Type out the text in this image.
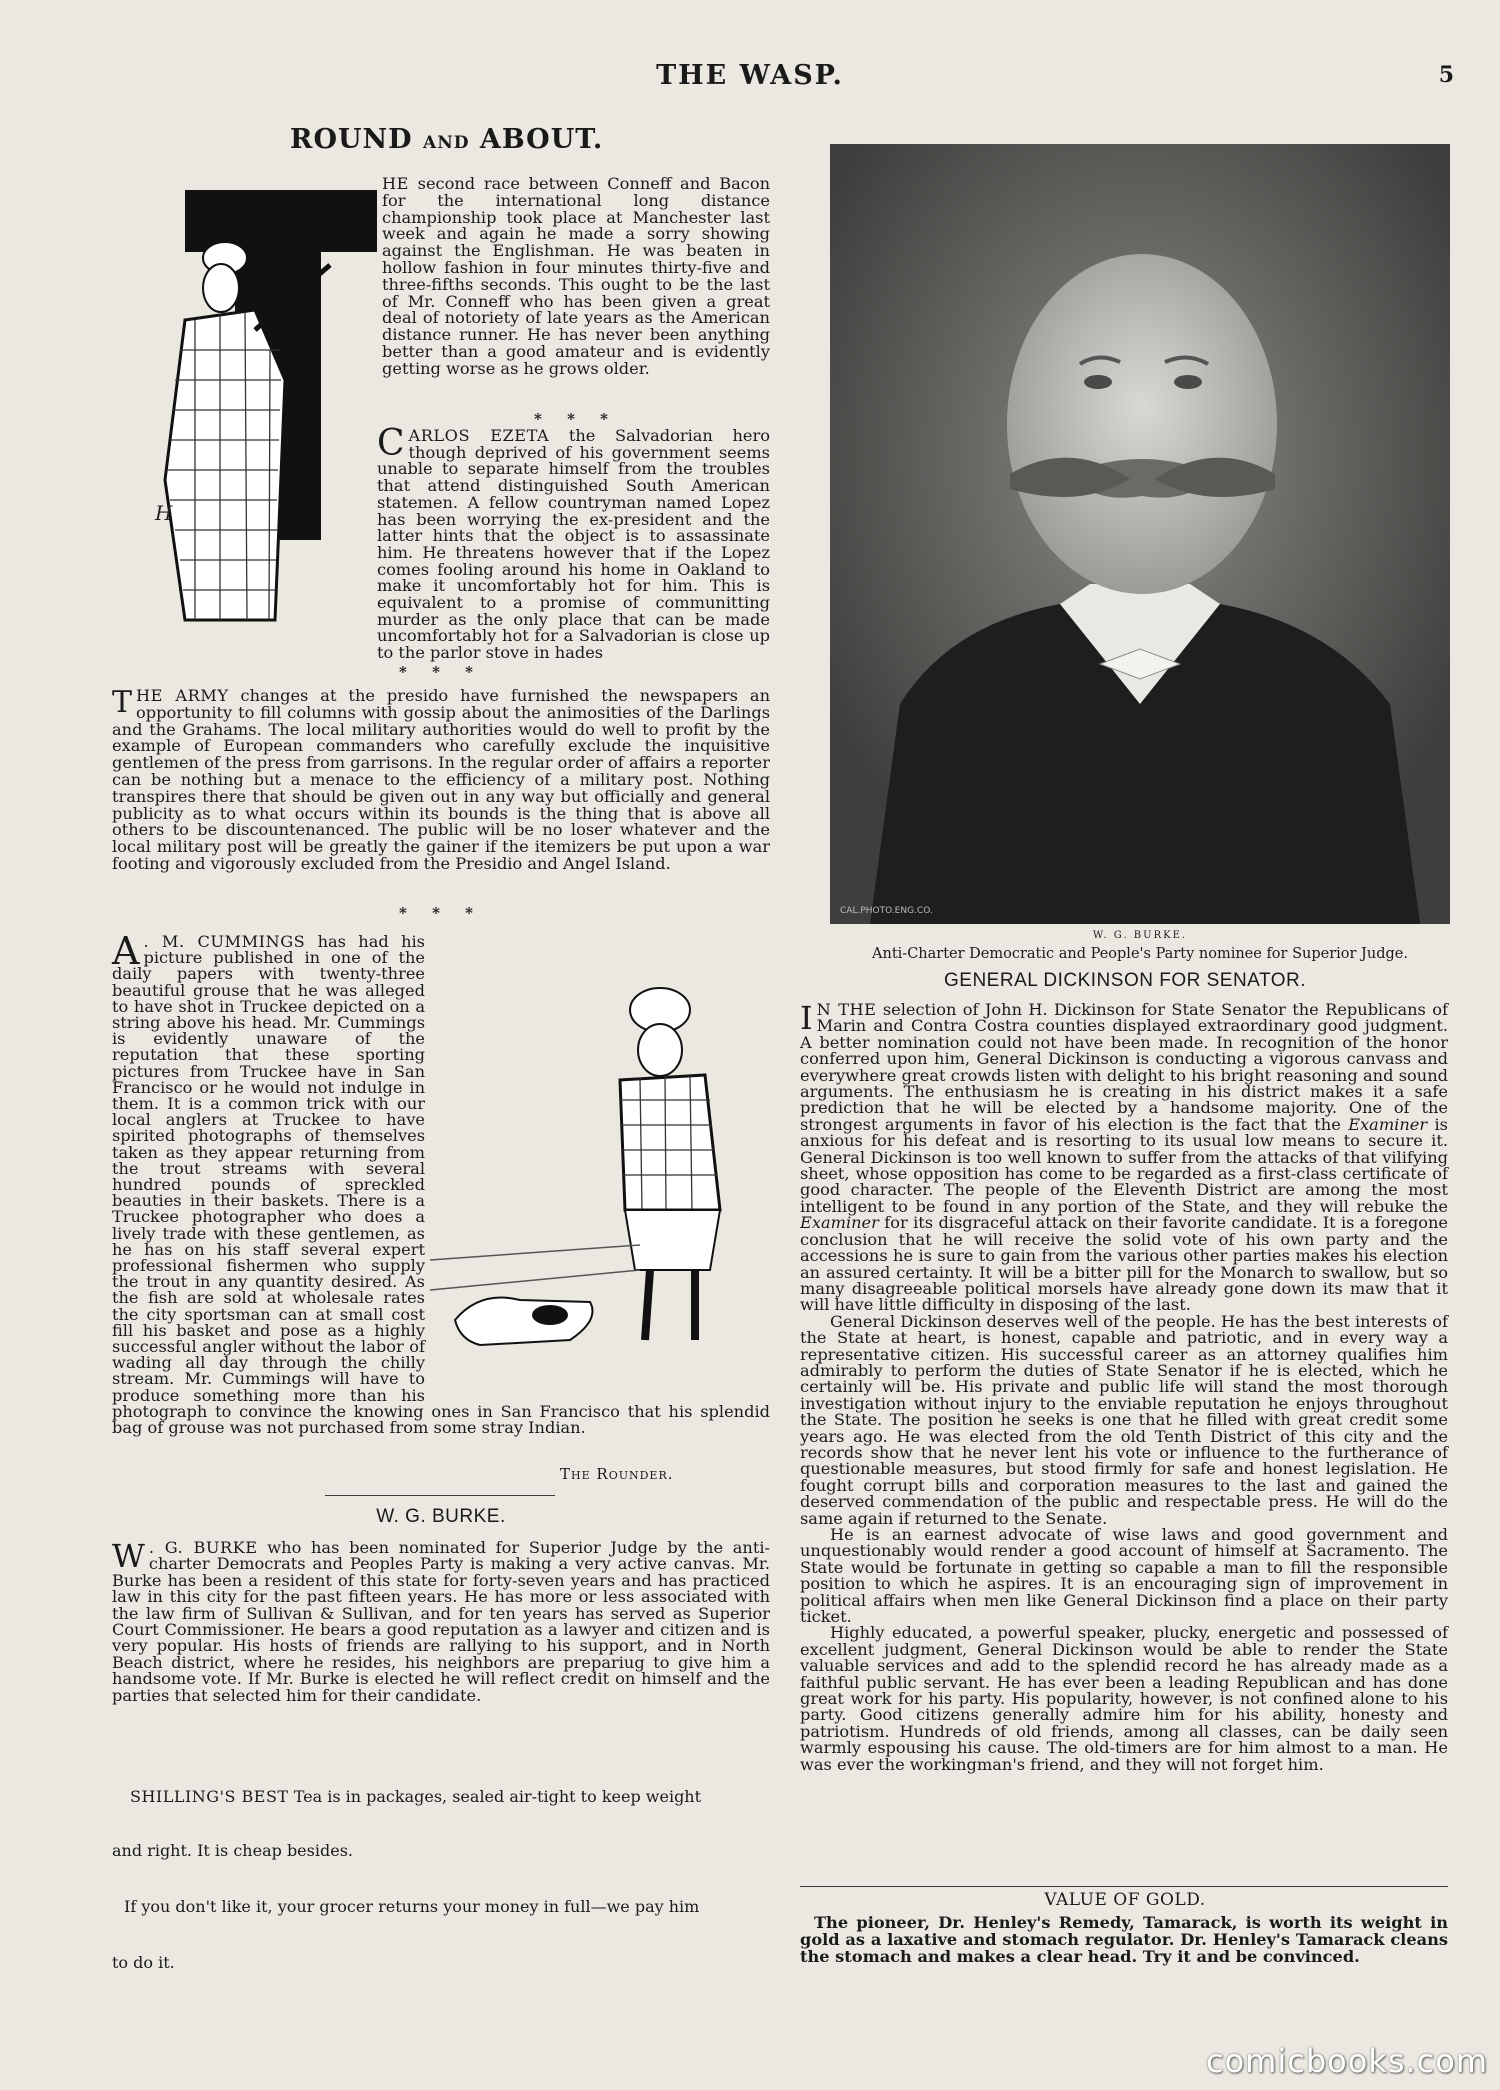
THE WASP.	5
ROUND AND ABOUT.
H
HE second race between Conneff and Bacon for the international long distance championship took place at Manchester last week and again he made a sorry showing against the Englishman. He was beaten in hollow fashion in four minutes thirty-five and three-fifths seconds. This ought to be the last of Mr. Conneff who has been given a great deal of notoriety of late years as the American distance runner. He has never been anything better than a good amateur and is evidently getting worse as he grows older.
* * *
C ARLOS EZETA the Salvadorian hero though deprived of his government seems unable to separate himself from the troubles that attend distinguished South American statemen. A fellow countryman named Lopez has been worrying the ex-president and the latter hints that the object is to assassinate him. He threatens however that if the Lopez comes fooling around his home in Oakland to make it uncomfortably hot for him. This is equivalent to a promise of communitting murder as the only place that can be made uncomfortably hot for a Salvadorian is close up to the parlor stove in hades
* * *
T HE ARMY changes at the presido have furnished the newspapers an opportunity to fill columns with gossip about the animosities of the Darlings and the Grahams. The local military authorities would do well to profit by the example of European commanders who carefully exclude the inquisitive gentlemen of the press from garrisons. In the regular order of affairs a reporter can be nothing but a menace to the efficiency of a military post. Nothing transpires there that should be given out in any way but officially and general publicity as to what occurs within its bounds is the thing that is above all others to be discountenanced. The public will be no loser whatever and the local military post will be greatly the gainer if the itemizers be put upon a war footing and vigorously excluded from the Presidio and Angel Island.
* * *
A . M. CUMMINGS has had his picture published in one of the daily papers with twenty-three beautiful grouse that he was alleged to have shot in Truckee depicted on a string above his head. Mr. Cummings is evidently unaware of the reputation that these sporting pictures from Truckee have in San Francisco or he would not indulge in them. It is a common trick with our local anglers at Truckee to have spirited photographs of themselves taken as they appear returning from the trout streams with several hundred pounds of spreckled beauties in their baskets. There is a Truckee photographer who does a lively trade with these gentlemen, as he has on his staff several expert professional fishermen who supply the trout in any quantity desired. As the fish are sold at wholesale rates the city sportsman can at small cost fill his basket and pose as a highly successful angler without the labor of wading all day through the chilly stream. Mr. Cummings will have to produce something more than his photograph to convince the knowing ones in San Francisco that his splendid bag of grouse was not purchased from some stray Indian.
The Rounder.
W. G. BURKE.
W . G. BURKE who has been nominated for Superior Judge by the anti-charter Democrats and Peoples Party is making a very active canvas. Mr. Burke has been a resident of this state for forty-seven years and has practiced law in this city for the past fifteen years. He has more or less associated with the law firm of Sullivan & Sullivan, and for ten years has served as Superior Court Commissioner. He bears a good reputation as a lawyer and citizen and is very popular. His hosts of friends are rallying to his support, and in North Beach district, where he resides, his neighbors are prepariug to give him a handsome vote. If Mr. Burke is elected he will reflect credit on himself and the parties that selected him for their candidate.
SHILLING'S BEST Tea is in packages, sealed air-tight to keep weight
and right. It is cheap besides.
If you don't like it, your grocer returns your money in full—we pay him
to do it.
CAL.PHOTO.ENG.CO.
W. G. BURKE.
Anti-Charter Democratic and People's Party nominee for Superior Judge.
GENERAL DICKINSON FOR SENATOR.

I N THE selection of John H. Dickinson for State Senator the Republicans of Marin and Contra Costra counties displayed extraordinary good judgment. A better nomination could not have been made. In recognition of the honor conferred upon him, General Dickinson is conducting a vigorous canvass and everywhere great crowds listen with delight to his bright reasoning and sound arguments. The enthusiasm he is creating in his district makes it a safe prediction that he will be elected by a handsome majority. One of the strongest arguments in favor of his election is the fact that the Examiner is anxious for his defeat and is resorting to its usual low means to secure it. General Dickinson is too well known to suffer from the attacks of that vilifying sheet, whose opposition has come to be regarded as a first-class certificate of good character. The people of the Eleventh District are among the most intelligent to be found in any portion of the State, and they will rebuke the Examiner for its disgraceful attack on their favorite candidate. It is a foregone conclusion that he will receive the solid vote of his own party and the accessions he is sure to gain from the various other parties makes his election an assured certainty. It will be a bitter pill for the Monarch to swallow, but so many disagreeable political morsels have already gone down its maw that it will have little difficulty in disposing of the last.

General Dickinson deserves well of the people. He has the best interests of the State at heart, is honest, capable and patriotic, and in every way a representative citizen. His successful career as an attorney qualifies him admirably to perform the duties of State Senator if he is elected, which he certainly will be. His private and public life will stand the most thorough investigation without injury to the enviable reputation he enjoys throughout the State. The position he seeks is one that he filled with great credit some years ago. He was elected from the old Tenth District of this city and the records show that he never lent his vote or influence to the furtherance of questionable measures, but stood firmly for safe and honest legislation. He fought corrupt bills and corporation measures to the last and gained the deserved commendation of the public and respectable press. He will do the same again if returned to the Senate.

He is an earnest advocate of wise laws and good government and unquestionably would render a good account of himself at Sacramento. The State would be fortunate in getting so capable a man to fill the responsible position to which he aspires. It is an encouraging sign of improvement in political affairs when men like General Dickinson find a place on their party ticket.

Highly educated, a powerful speaker, plucky, energetic and possessed of excellent judgment, General Dickinson would be able to render the State valuable services and add to the splendid record he has already made as a faithful public servant. He has ever been a leading Republican and has done great work for his party. His popularity, however, is not confined alone to his party. Good citizens generally admire him for his ability, honesty and patriotism. Hundreds of old friends, among all classes, can be daily seen warmly espousing his cause. The old-timers are for him almost to a man. He was ever the workingman's friend, and they will not forget him.

VALUE OF GOLD.
The pioneer, Dr. Henley's Remedy, Tamarack, is worth its weight in gold as a laxative and stomach regulator. Dr. Henley's Tamarack cleans the stomach and makes a clear head. Try it and be convinced.
comicbooks.com
